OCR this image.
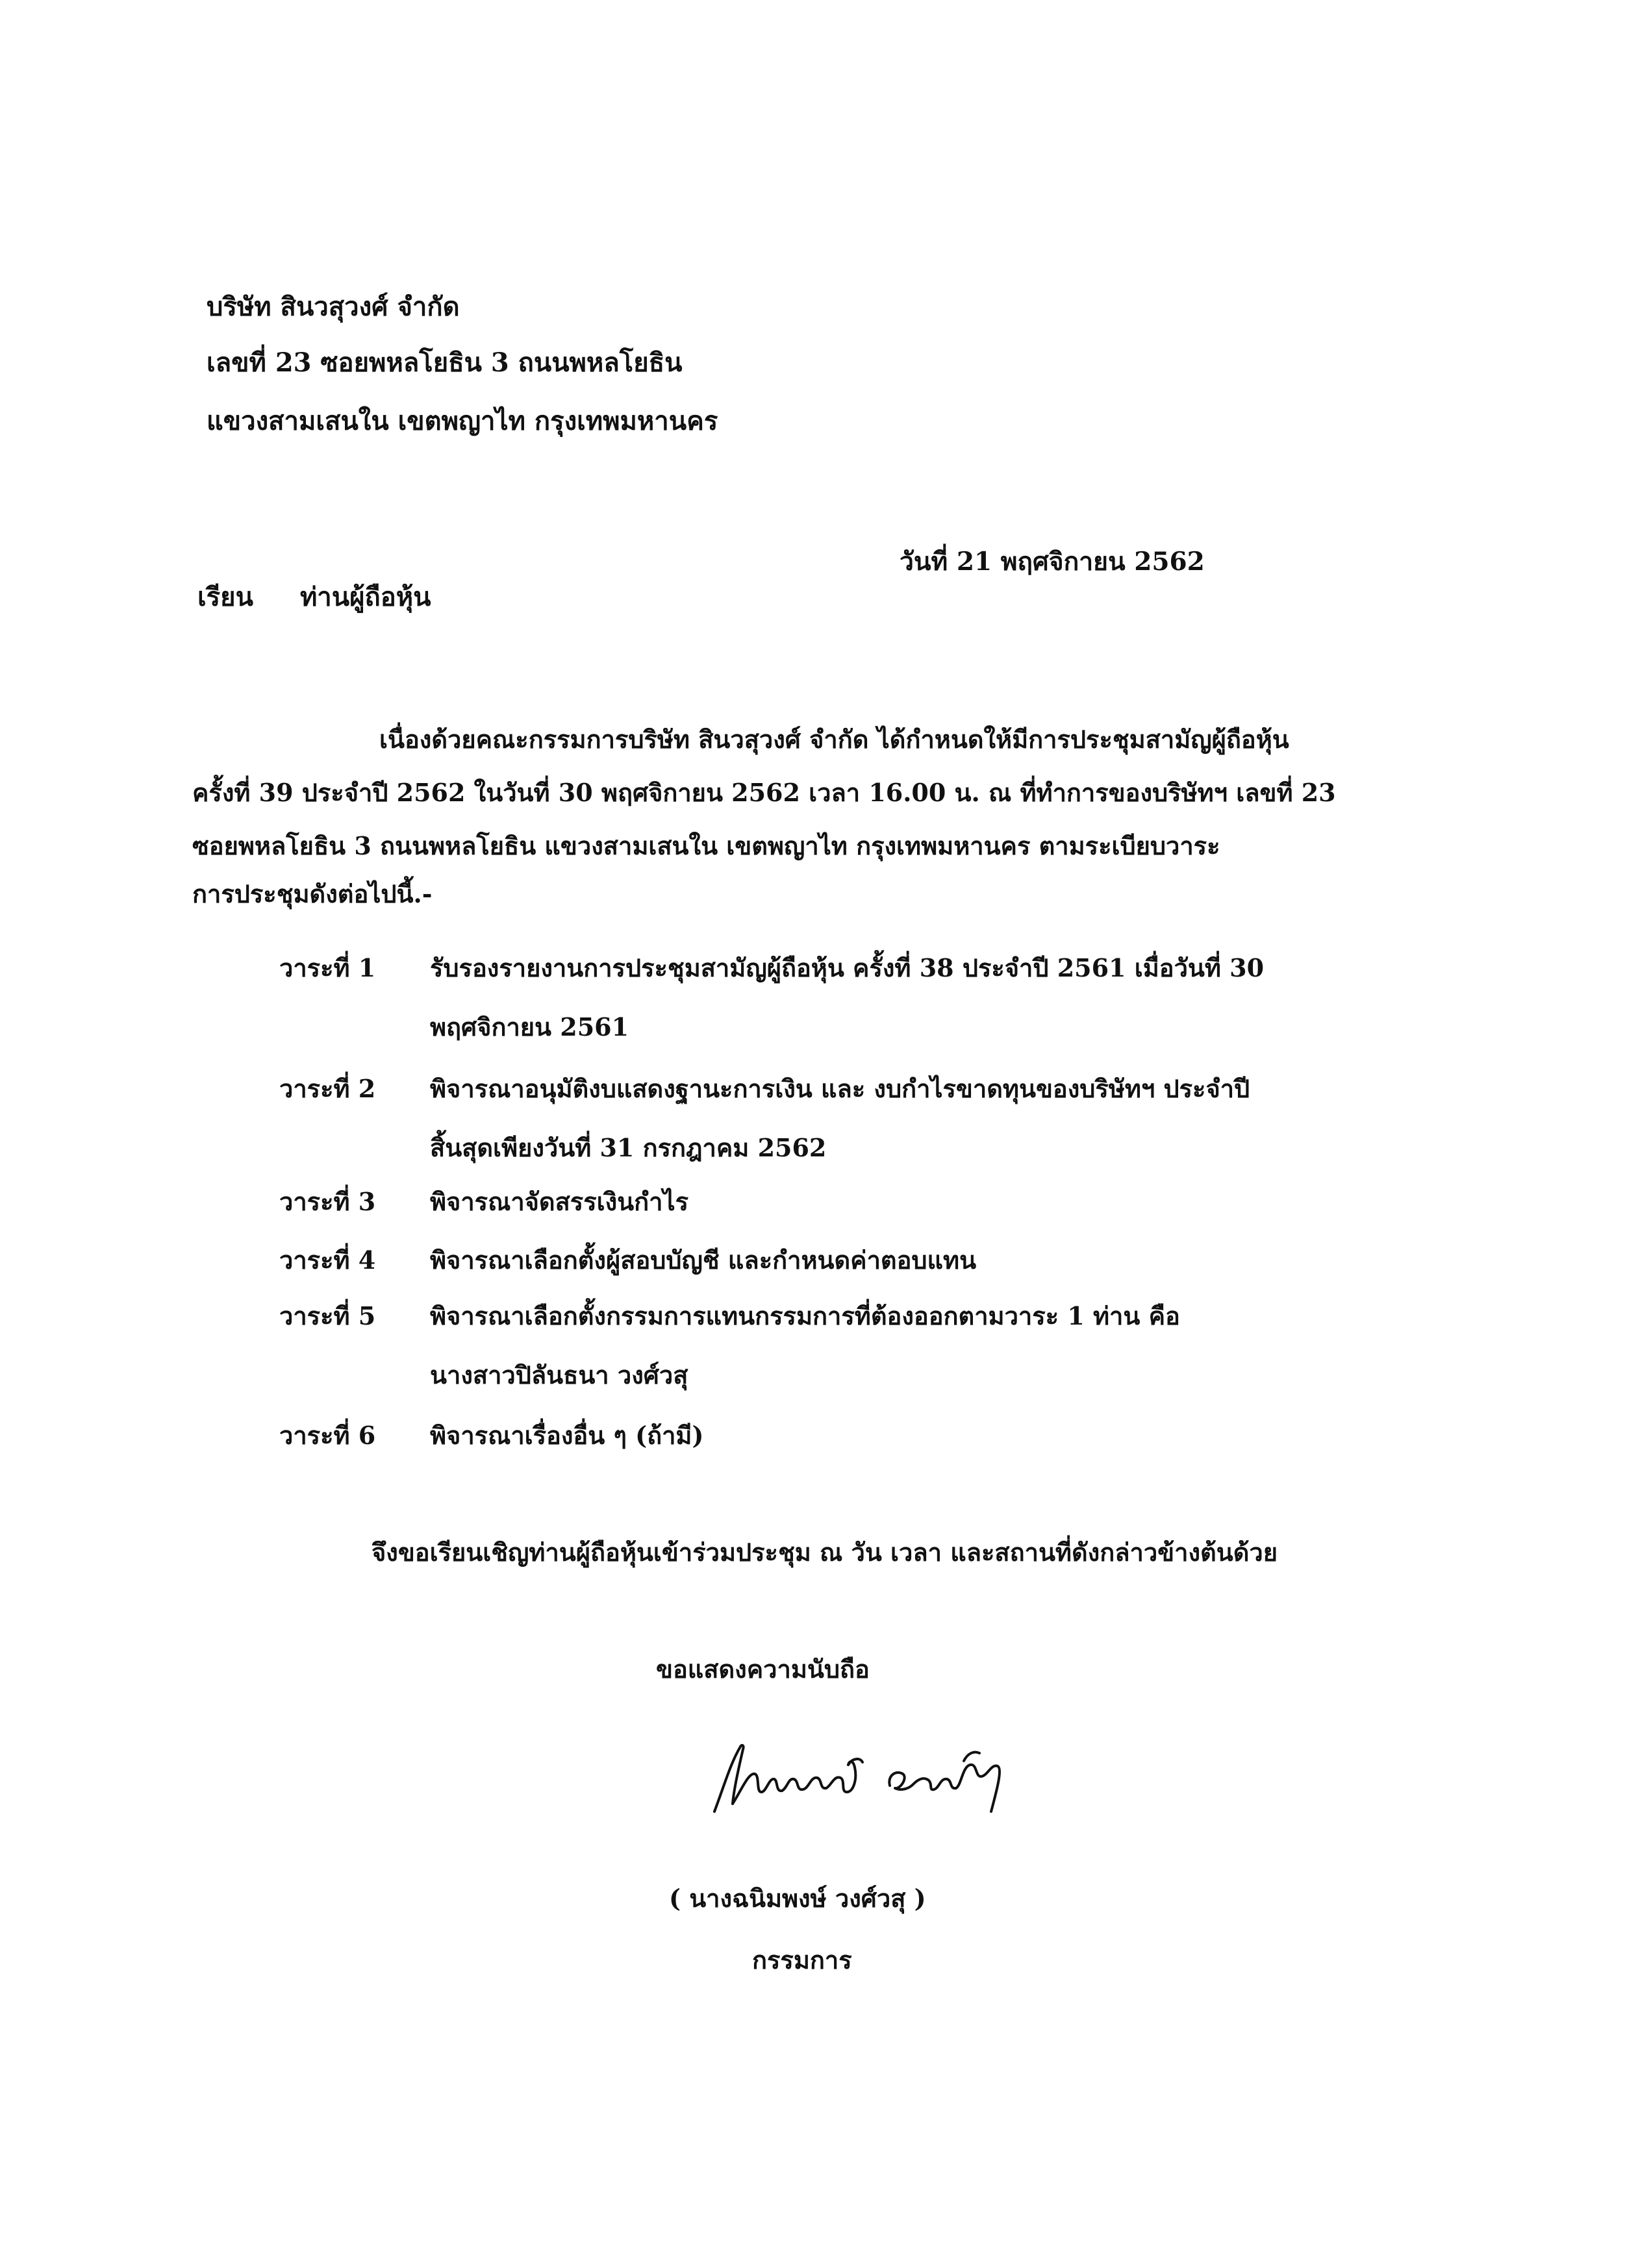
บริษัท สินวสุวงศ์ จำกัด
เลขที่ 23 ซอยพหลโยธิน 3 ถนนพหลโยธิน
แขวงสามเสนใน เขตพญาไท กรุงเทพมหานคร
วันที่ 21 พฤศจิกายน 2562
เรียน ท่านผู้ถือหุ้น
เนื่องด้วยคณะกรรมการบริษัท สินวสุวงศ์ จำกัด ได้กำหนดให้มีการประชุมสามัญผู้ถือหุ้น
ครั้งที่ 39 ประจำปี 2562 ในวันที่ 30 พฤศจิกายน 2562 เวลา 16.00 น. ณ ที่ทำการของบริษัทฯ เลขที่ 23
ซอยพหลโยธิน 3 ถนนพหลโยธิน แขวงสามเสนใน เขตพญาไท กรุงเทพมหานคร ตามระเบียบวาระ
การประชุมดังต่อไปนี้.-
วาระที่ 1 รับรองรายงานการประชุมสามัญผู้ถือหุ้น ครั้งที่ 38 ประจำปี 2561 เมื่อวันที่ 30
พฤศจิกายน 2561
วาระที่ 2 พิจารณาอนุมัติงบแสดงฐานะการเงิน และ งบกำไรขาดทุนของบริษัทฯ ประจำปี
สิ้นสุดเพียงวันที่ 31 กรกฎาคม 2562
วาระที่ 3 พิจารณาจัดสรรเงินกำไร
วาระที่ 4 พิจารณาเลือกตั้งผู้สอบบัญชี และกำหนดค่าตอบแทน
วาระที่ 5 พิจารณาเลือกตั้งกรรมการแทนกรรมการที่ต้องออกตามวาระ 1 ท่าน คือ
นางสาวปิลันธนา วงศ์วสุ
วาระที่ 6 พิจารณาเรื่องอื่น ๆ (ถ้ามี)
จึงขอเรียนเชิญท่านผู้ถือหุ้นเข้าร่วมประชุม ณ วัน เวลา และสถานที่ดังกล่าวข้างต้นด้วย
ขอแสดงความนับถือ
( นางฉนิมพงษ์ วงศ์วสุ )
กรรมการ
